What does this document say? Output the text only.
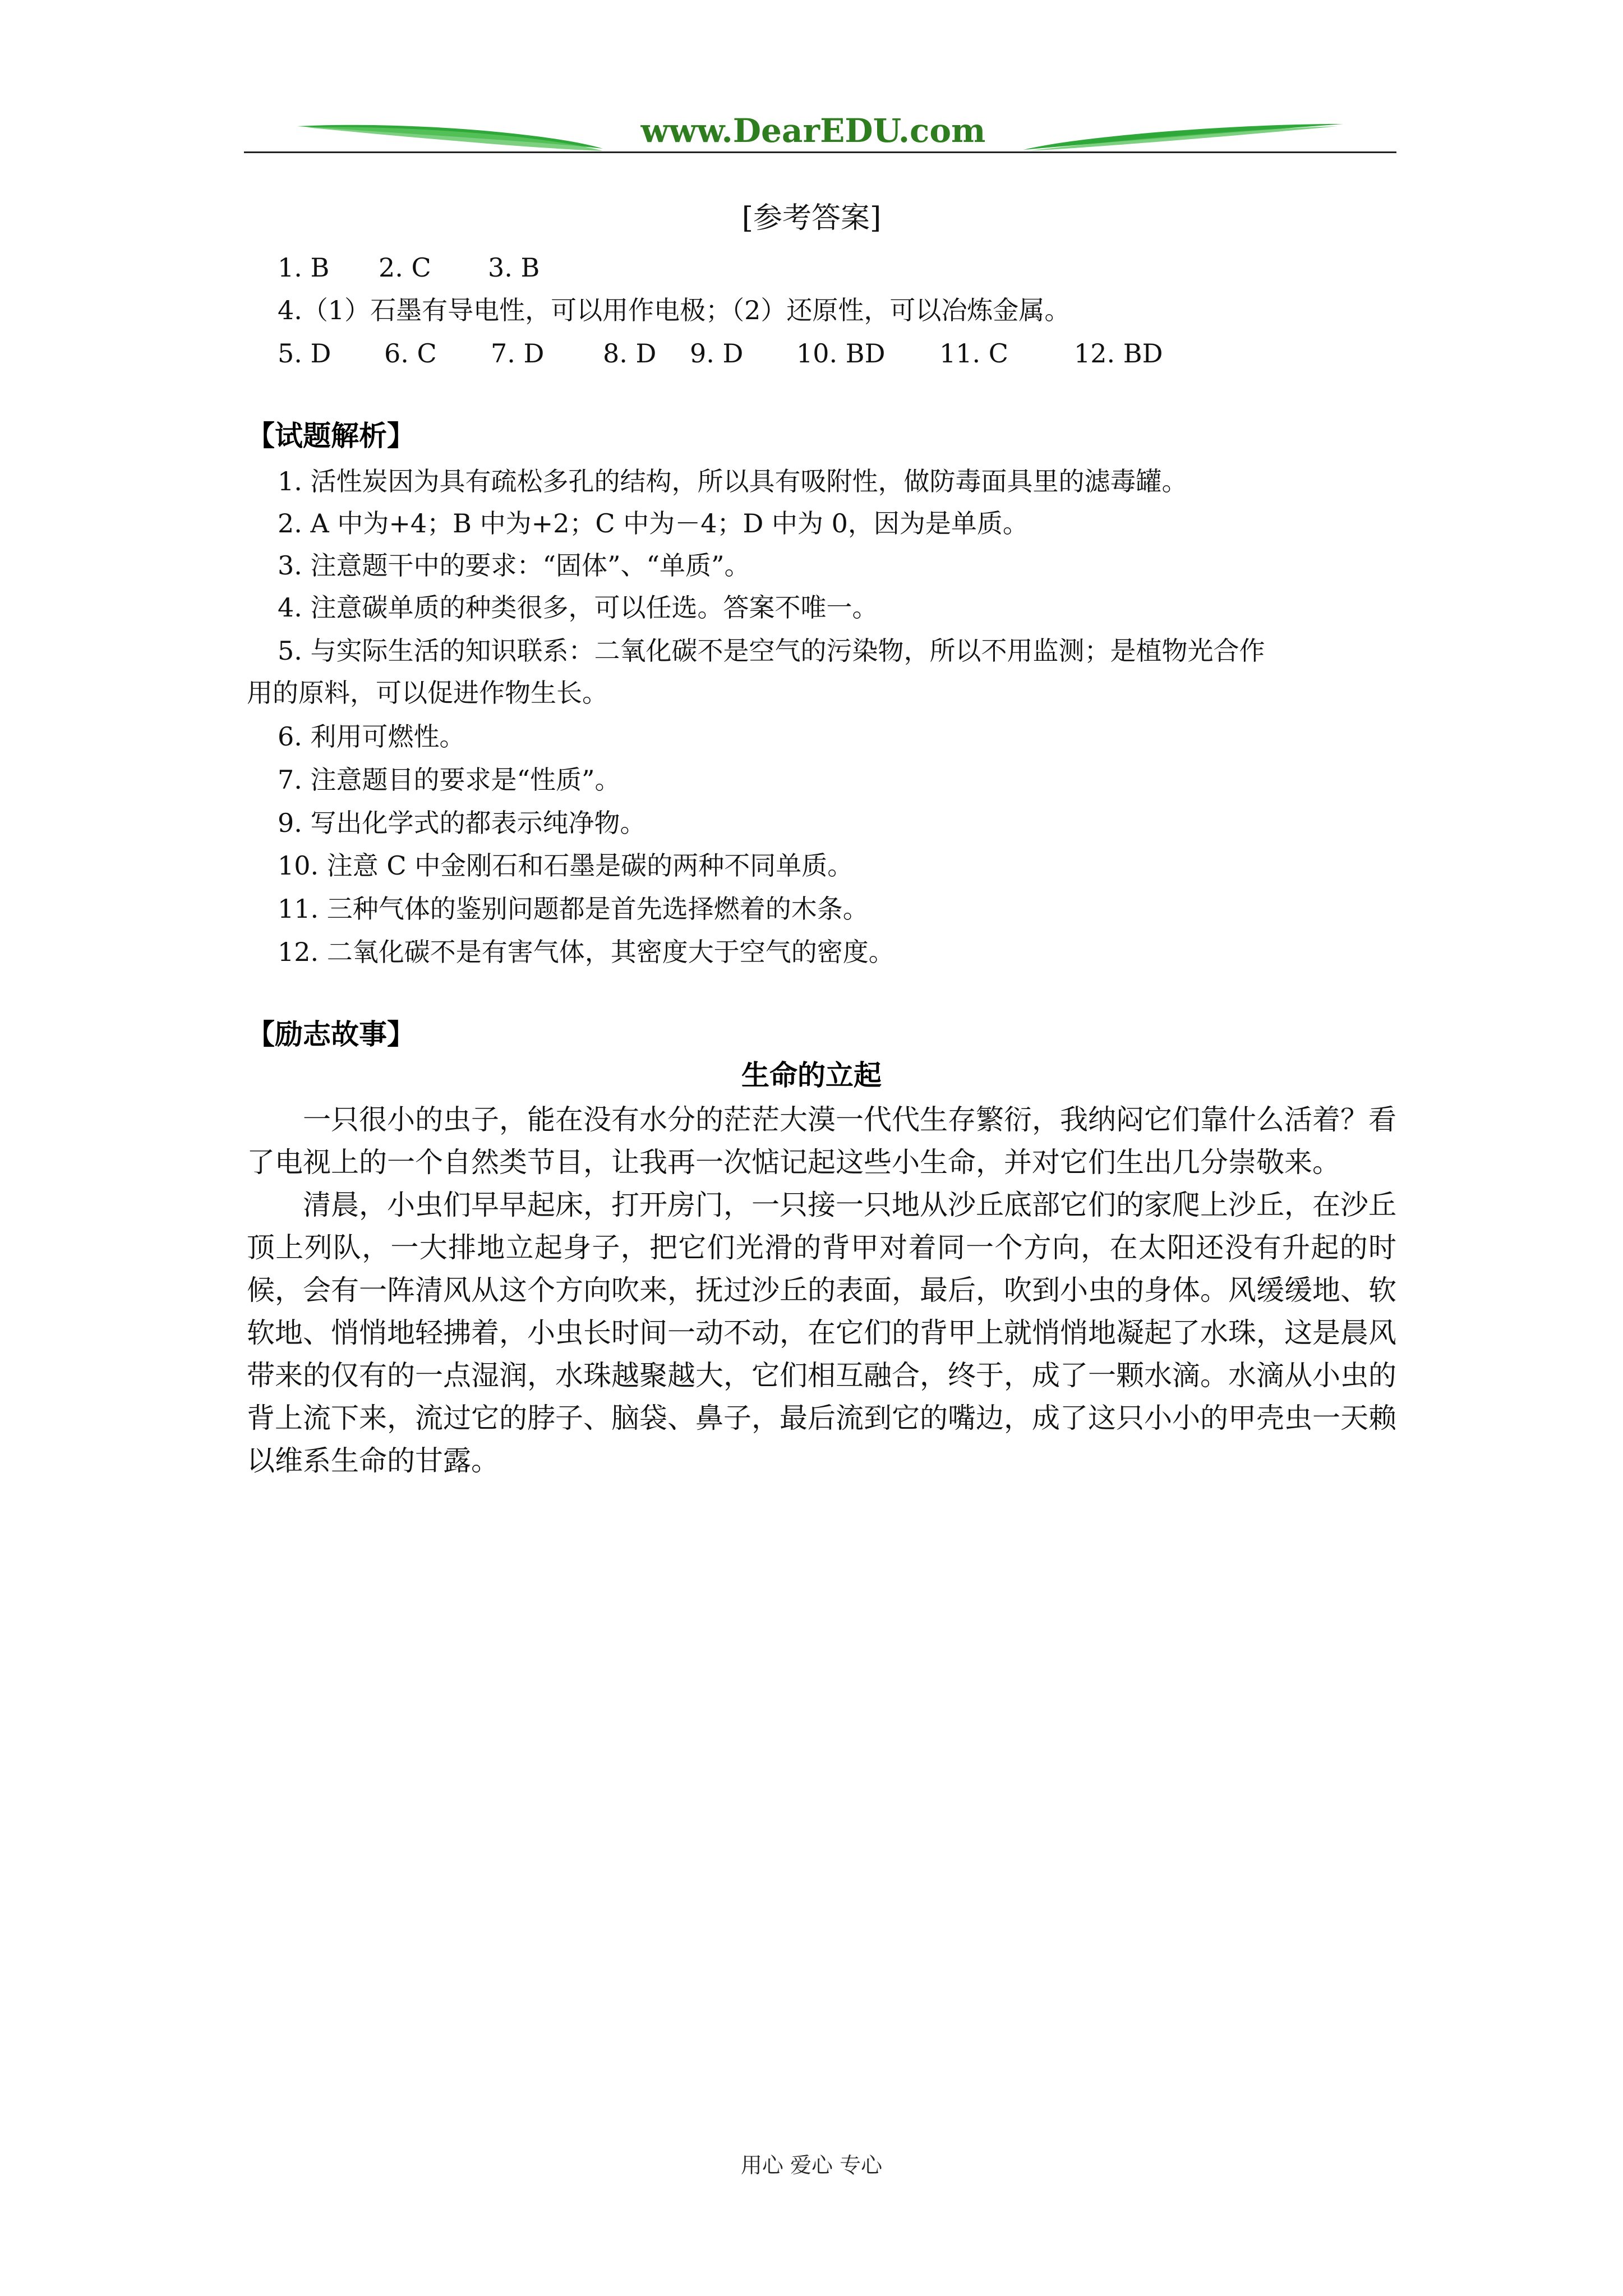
www.DearEDU.com
[参考答案]
1. B 2. C 3. B
4.（1）石墨有导电性，可以用作电极；（2）还原性，可以冶炼金属。
5. D 6. C 7. D 8. D 9. D 10. BD 11. C	12. BD
【试题解析】
1. 活性炭因为具有疏松多孔的结构，所以具有吸附性，做防毒面具里的滤毒罐。
2. A 中为+4；B 中为+2；C 中为－4；D 中为 0，因为是单质。
3. 注意题干中的要求：“固体”、“单质”。
4. 注意碳单质的种类很多，可以任选。答案不唯一。
5. 与实际生活的知识联系：二氧化碳不是空气的污染物，所以不用监测；是植物光合作
用的原料，可以促进作物生长。
6. 利用可燃性。
7. 注意题目的要求是“性质”。
9. 写出化学式的都表示纯净物。
10. 注意 C 中金刚石和石墨是碳的两种不同单质。
11. 三种气体的鉴别问题都是首先选择燃着的木条。
12. 二氧化碳不是有害气体，其密度大于空气的密度。
【励志故事】
生命的立起

一只很小的虫子，能在没有水分的茫茫大漠一代代生存繁衍，我纳闷它们靠什么活着？看了电视上的一个自然类节目，让我再一次惦记起这些小生命，并对它们生出几分崇敬来。

清晨，小虫们早早起床，打开房门，一只接一只地从沙丘底部它们的家爬上沙丘，在沙丘顶上列队，一大排地立起身子，把它们光滑的背甲对着同一个方向，在太阳还没有升起的时候，会有一阵清风从这个方向吹来，抚过沙丘的表面，最后，吹到小虫的身体。风缓缓地、软软地、悄悄地轻拂着，小虫长时间一动不动，在它们的背甲上就悄悄地凝起了水珠，这是晨风带来的仅有的一点湿润，水珠越聚越大，它们相互融合，终于，成了一颗水滴。水滴从小虫的背上流下来，流过它的脖子、脑袋、鼻子，最后流到它的嘴边，成了这只小小的甲壳虫一天赖以维系生命的甘露。

用心 爱心 专心
